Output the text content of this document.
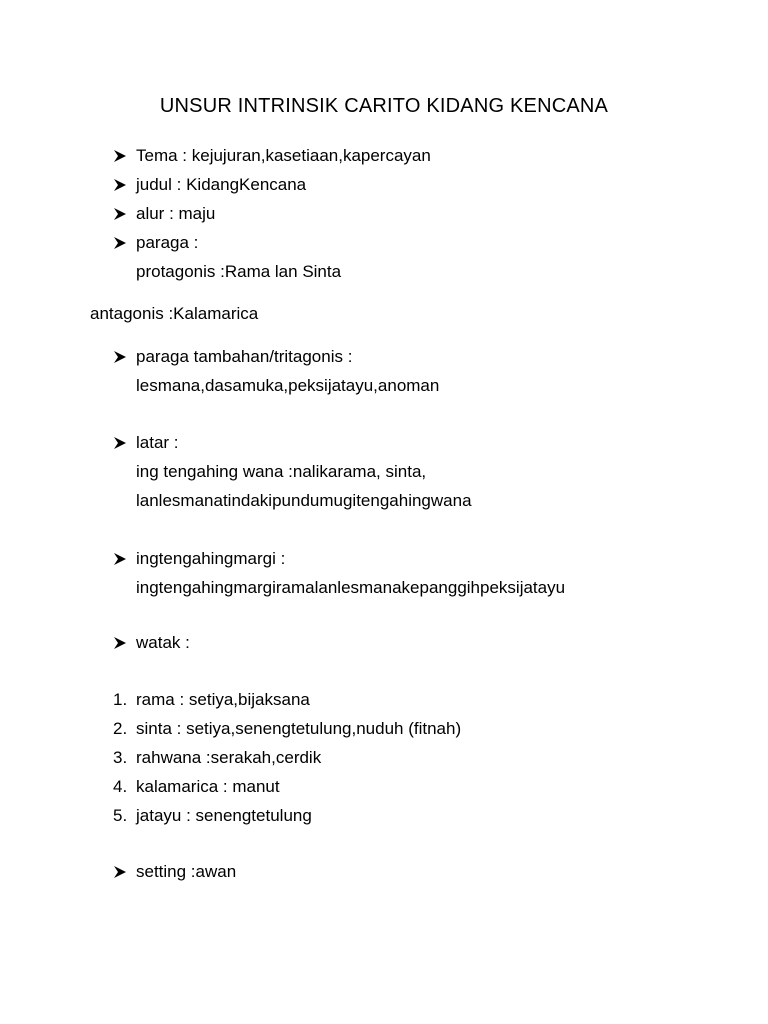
UNSUR INTRINSIK CARITO KIDANG KENCANA
Tema : kejujuran,kasetiaan,kapercayan
judul : KidangKencana
alur : maju
paraga :
protagonis :Rama lan Sinta
antagonis :Kalamarica
paraga tambahan/tritagonis :
lesmana,dasamuka,peksijatayu,anoman
latar :
ing tengahing wana :nalikarama, sinta,
lanlesmanatindakipundumugitengahingwana
ingtengahingmargi :
ingtengahingmargiramalanlesmanakepanggihpeksijatayu
watak :
1. rama : setiya,bijaksana
2. sinta : setiya,senengtetulung,nuduh (fitnah)
3. rahwana :serakah,cerdik
4. kalamarica : manut
5. jatayu : senengtetulung
setting :awan
